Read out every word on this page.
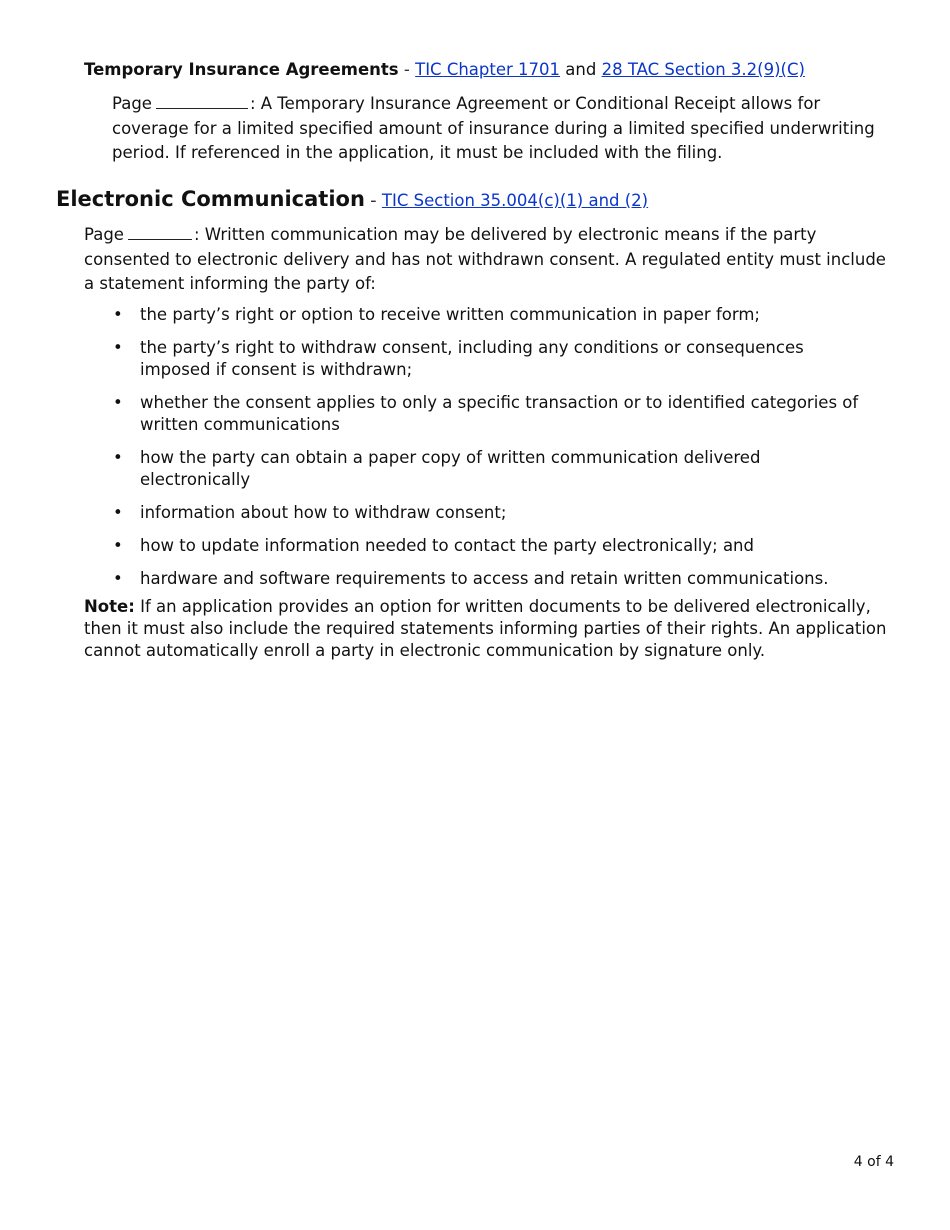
Temporary Insurance Agreements - TIC Chapter 1701 and 28 TAC Section 3.2(9)(C)
Page	: A Temporary Insurance Agreement or Conditional Receipt allows for coverage for a limited specified amount of insurance during a limited specified underwriting period. If referenced in the application, it must be included with the filing.
Electronic Communication - TIC Section 35.004(c)(1) and (2)
Page	: Written communication may be delivered by electronic means if the party consented to electronic delivery and has not withdrawn consent. A regulated entity must include a statement informing the party of:
• the party’s right or option to receive written communication in paper form;
• the party’s right to withdraw consent, including any conditions or consequences imposed if consent is withdrawn;
• whether the consent applies to only a specific transaction or to identified categories of written communications
• how the party can obtain a paper copy of written communication delivered electronically
• information about how to withdraw consent;
• how to update information needed to contact the party electronically; and
• hardware and software requirements to access and retain written communications.
Note: If an application provides an option for written documents to be delivered electronically, then it must also include the required statements informing parties of their rights. An application cannot automatically enroll a party in electronic communication by signature only.
4 of 4
